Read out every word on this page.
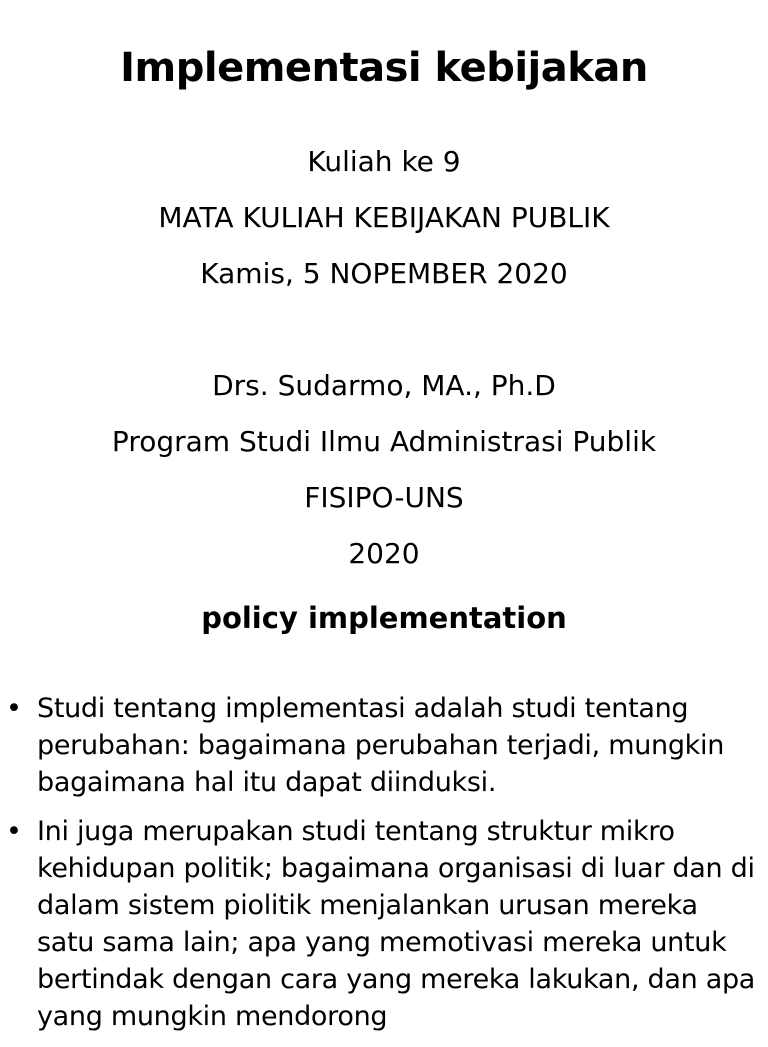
Implementasi kebijakan
Kuliah ke 9
MATA KULIAH KEBIJAKAN PUBLIK
Kamis, 5 NOPEMBER 2020
Drs. Sudarmo, MA., Ph.D
Program Studi Ilmu Administrasi Publik
FISIPO-UNS
2020
policy implementation
• Studi tentang implementasi adalah studi tentang perubahan: bagaimana perubahan terjadi, mungkin bagaimana hal itu dapat diinduksi.
• Ini juga merupakan studi tentang struktur mikro kehidupan politik; bagaimana organisasi di luar dan di dalam sistem piolitik menjalankan urusan mereka satu sama lain; apa yang memotivasi mereka untuk bertindak dengan cara yang mereka lakukan, dan apa yang mungkin mendorong
